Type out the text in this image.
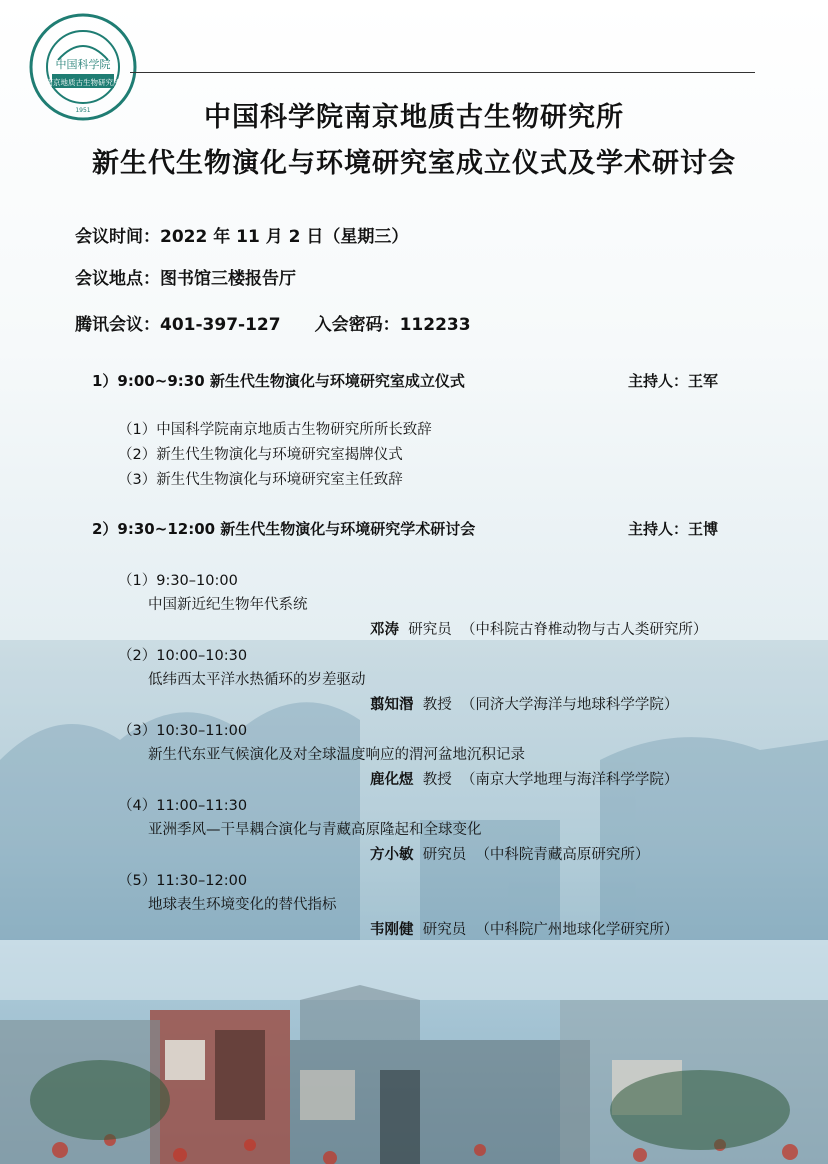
中国科学院
南京地质古生物研究所
1951	中国科学院南京地质古生物研究所
新生代生物演化与环境研究室成立仪式及学术研讨会
会议时间：2022 年 11 月 2 日（星期三）
会议地点：图书馆三楼报告厅
腾讯会议：401-397-127 入会密码：112233
1）9:00~9:30 新生代生物演化与环境研究室成立仪式	主持人：王军
（1）中国科学院南京地质古生物研究所所长致辞
（2）新生代生物演化与环境研究室揭牌仪式
（3）新生代生物演化与环境研究室主任致辞
2）9:30~12:00 新生代生物演化与环境研究学术研讨会	主持人：王博
（1）9:30–10:00
中国新近纪生物年代系统
邓涛 研究员 （中科院古脊椎动物与古人类研究所）
（2）10:00–10:30
低纬西太平洋水热循环的岁差驱动
翦知湣 教授 （同济大学海洋与地球科学学院）
（3）10:30–11:00
新生代东亚气候演化及对全球温度响应的渭河盆地沉积记录
鹿化煜 教授 （南京大学地理与海洋科学学院）
（4）11:00–11:30
亚洲季风—干旱耦合演化与青藏高原隆起和全球变化
方小敏 研究员 （中科院青藏高原研究所）
（5）11:30–12:00
地球表生环境变化的替代指标
韦刚健 研究员 （中科院广州地球化学研究所）
